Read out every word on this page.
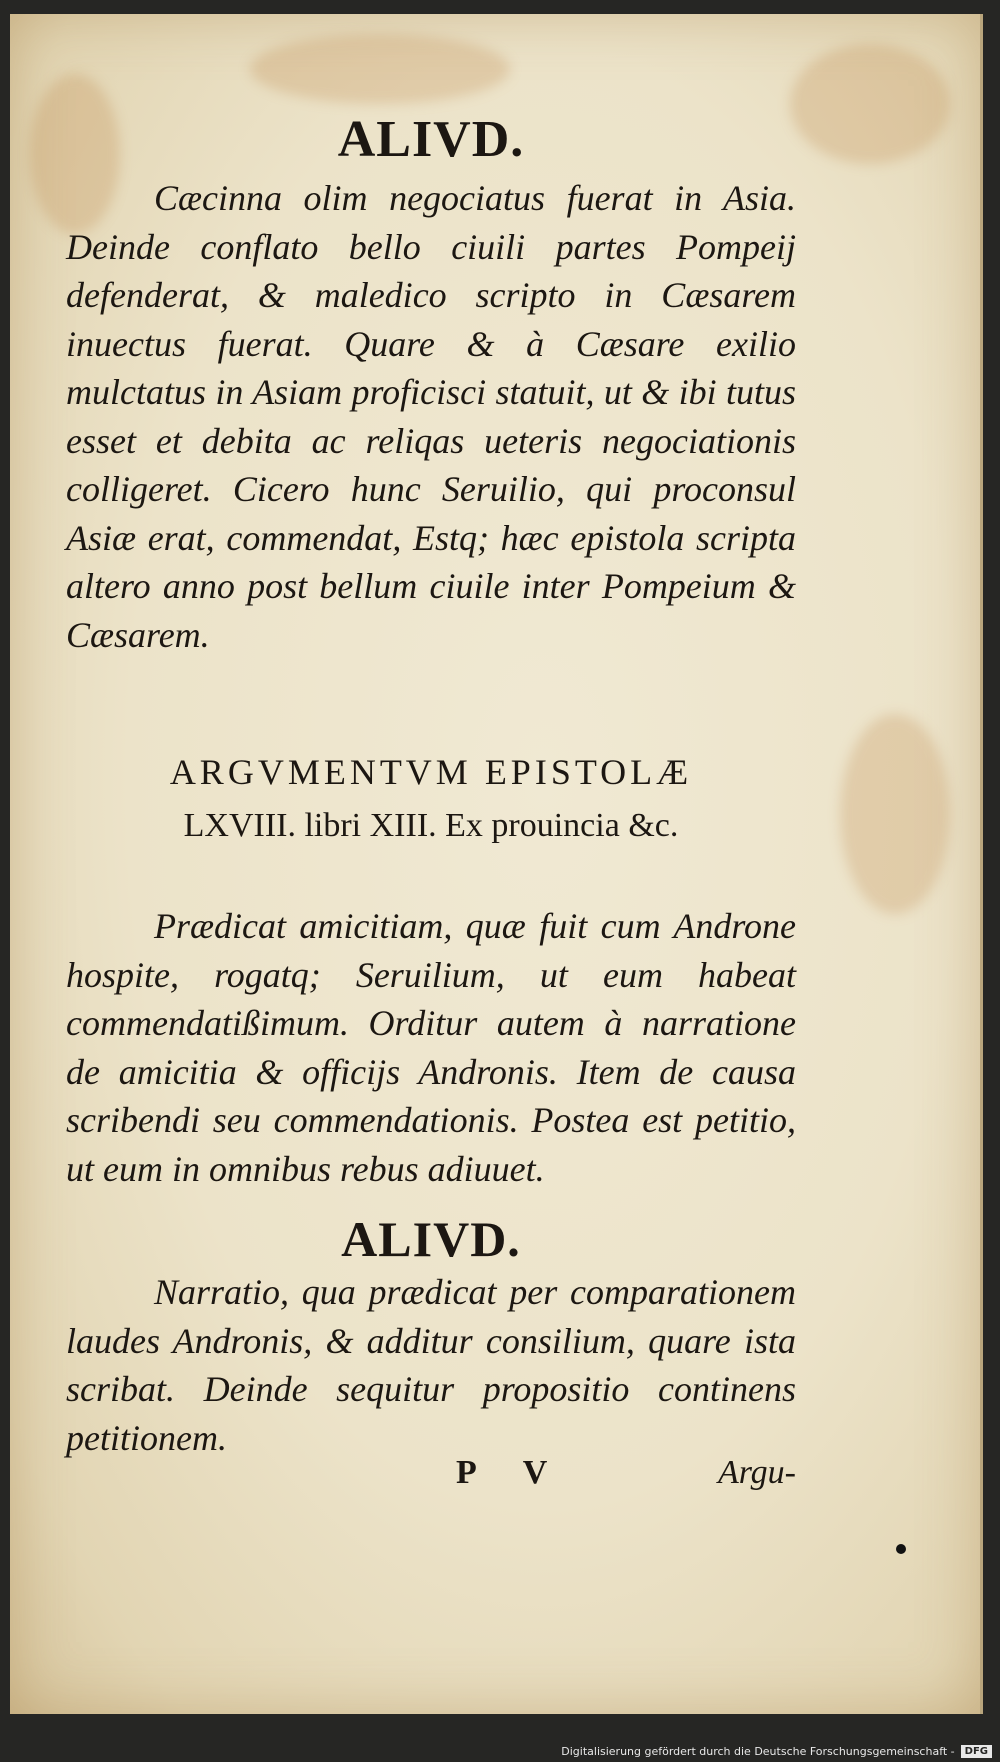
ALIVD.

Cæcinna olim negociatus fuerat in Asia. Deinde conflato bello ciuili partes Pompeij defenderat, & maledico scripto in Cæsarem inuectus fuerat. Quare & à Cæsare exilio mulctatus in Asiam proficisci statuit, ut & ibi tutus esset et debita ac reliqas ueteris negociationis colligeret. Cicero hunc Seruilio, qui proconsul Asiæ erat, commendat, Estq; hæc epistola scripta altero anno post bellum ciuile inter Pompeium & Cæsarem.

ARGVMENTVM EPISTOLÆ
LXVIII. libri XIII. Ex prouincia &c.

Prædicat amicitiam, quæ fuit cum Androne hospite, rogatq; Seruilium, ut eum habeat commendatißimum. Orditur autem à narratione de amicitia & officijs Andronis. Item de causa scribendi seu commendationis. Postea est petitio, ut eum in omnibus rebus adiuuet.

ALIVD.

Narratio, qua prædicat per comparationem laudes Andronis, & additur consilium, quare ista scribat. Deinde sequitur propositio continens petitionem.

P V	Argu-
Digitalisierung gefördert durch die Deutsche Forschungsgemeinschaft -	DFG
